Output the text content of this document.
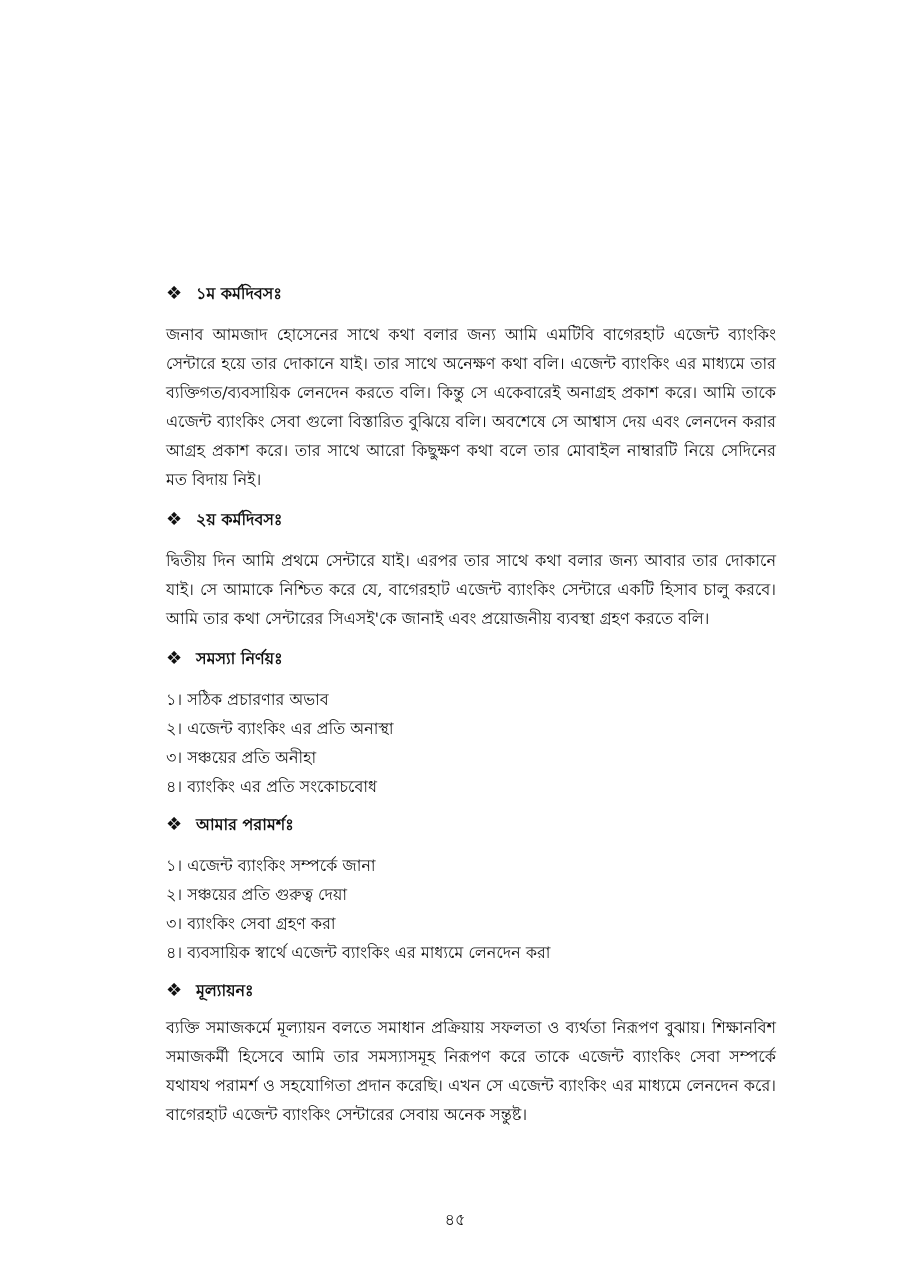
❖ ১ম কর্মদিবসঃ

জনাব আমজাদ হোসেনের সাথে কথা বলার জন্য আমি এমটিবি বাগেরহাট এজেন্ট ব্যাংকিং সেন্টারে হয়ে তার দোকানে যাই। তার সাথে অনেক্ষণ কথা বলি। এজেন্ট ব্যাংকিং এর মাধ্যমে তার ব্যক্তিগত/ব্যবসায়িক লেনদেন করতে বলি। কিন্তু সে একেবারেই অনাগ্রহ প্রকাশ করে। আমি তাকে এজেন্ট ব্যাংকিং সেবা গুলো বিস্তারিত বুঝিয়ে বলি। অবশেষে সে আশ্বাস দেয় এবং লেনদেন করার আগ্রহ প্রকাশ করে। তার সাথে আরো কিছুক্ষণ কথা বলে তার মোবাইল নাম্বারটি নিয়ে সেদিনের মত বিদায় নিই।

❖ ২য় কর্মদিবসঃ

দ্বিতীয় দিন আমি প্রথমে সেন্টারে যাই। এরপর তার সাথে কথা বলার জন্য আবার তার দোকানে যাই। সে আমাকে নিশ্চিত করে যে, বাগেরহাট এজেন্ট ব্যাংকিং সেন্টারে একটি হিসাব চালু করবে। আমি তার কথা সেন্টারের সিএসই'কে জানাই এবং প্রয়োজনীয় ব্যবস্থা গ্রহণ করতে বলি।

❖ সমস্যা নির্ণয়ঃ
১। সঠিক প্রচারণার অভাব
২। এজেন্ট ব্যাংকিং এর প্রতি অনাস্থা
৩। সঞ্চয়ের প্রতি অনীহা
৪। ব্যাংকিং এর প্রতি সংকোচবোধ
❖ আমার পরামর্শঃ
১। এজেন্ট ব্যাংকিং সম্পর্কে জানা
২। সঞ্চয়ের প্রতি গুরুত্ব দেয়া
৩। ব্যাংকিং সেবা গ্রহণ করা
৪। ব্যবসায়িক স্বার্থে এজেন্ট ব্যাংকিং এর মাধ্যমে লেনদেন করা
❖ মূল্যায়নঃ

ব্যক্তি সমাজকর্মে মূল্যায়ন বলতে সমাধান প্রক্রিয়ায় সফলতা ও ব্যর্থতা নিরূপণ বুঝায়। শিক্ষানবিশ সমাজকর্মী হিসেবে আমি তার সমস্যাসমূহ নিরূপণ করে তাকে এজেন্ট ব্যাংকিং সেবা সম্পর্কে যথাযথ পরামর্শ ও সহযোগিতা প্রদান করেছি। এখন সে এজেন্ট ব্যাংকিং এর মাধ্যমে লেনদেন করে। বাগেরহাট এজেন্ট ব্যাংকিং সেন্টারের সেবায় অনেক সন্তুষ্ট।

৪৫
